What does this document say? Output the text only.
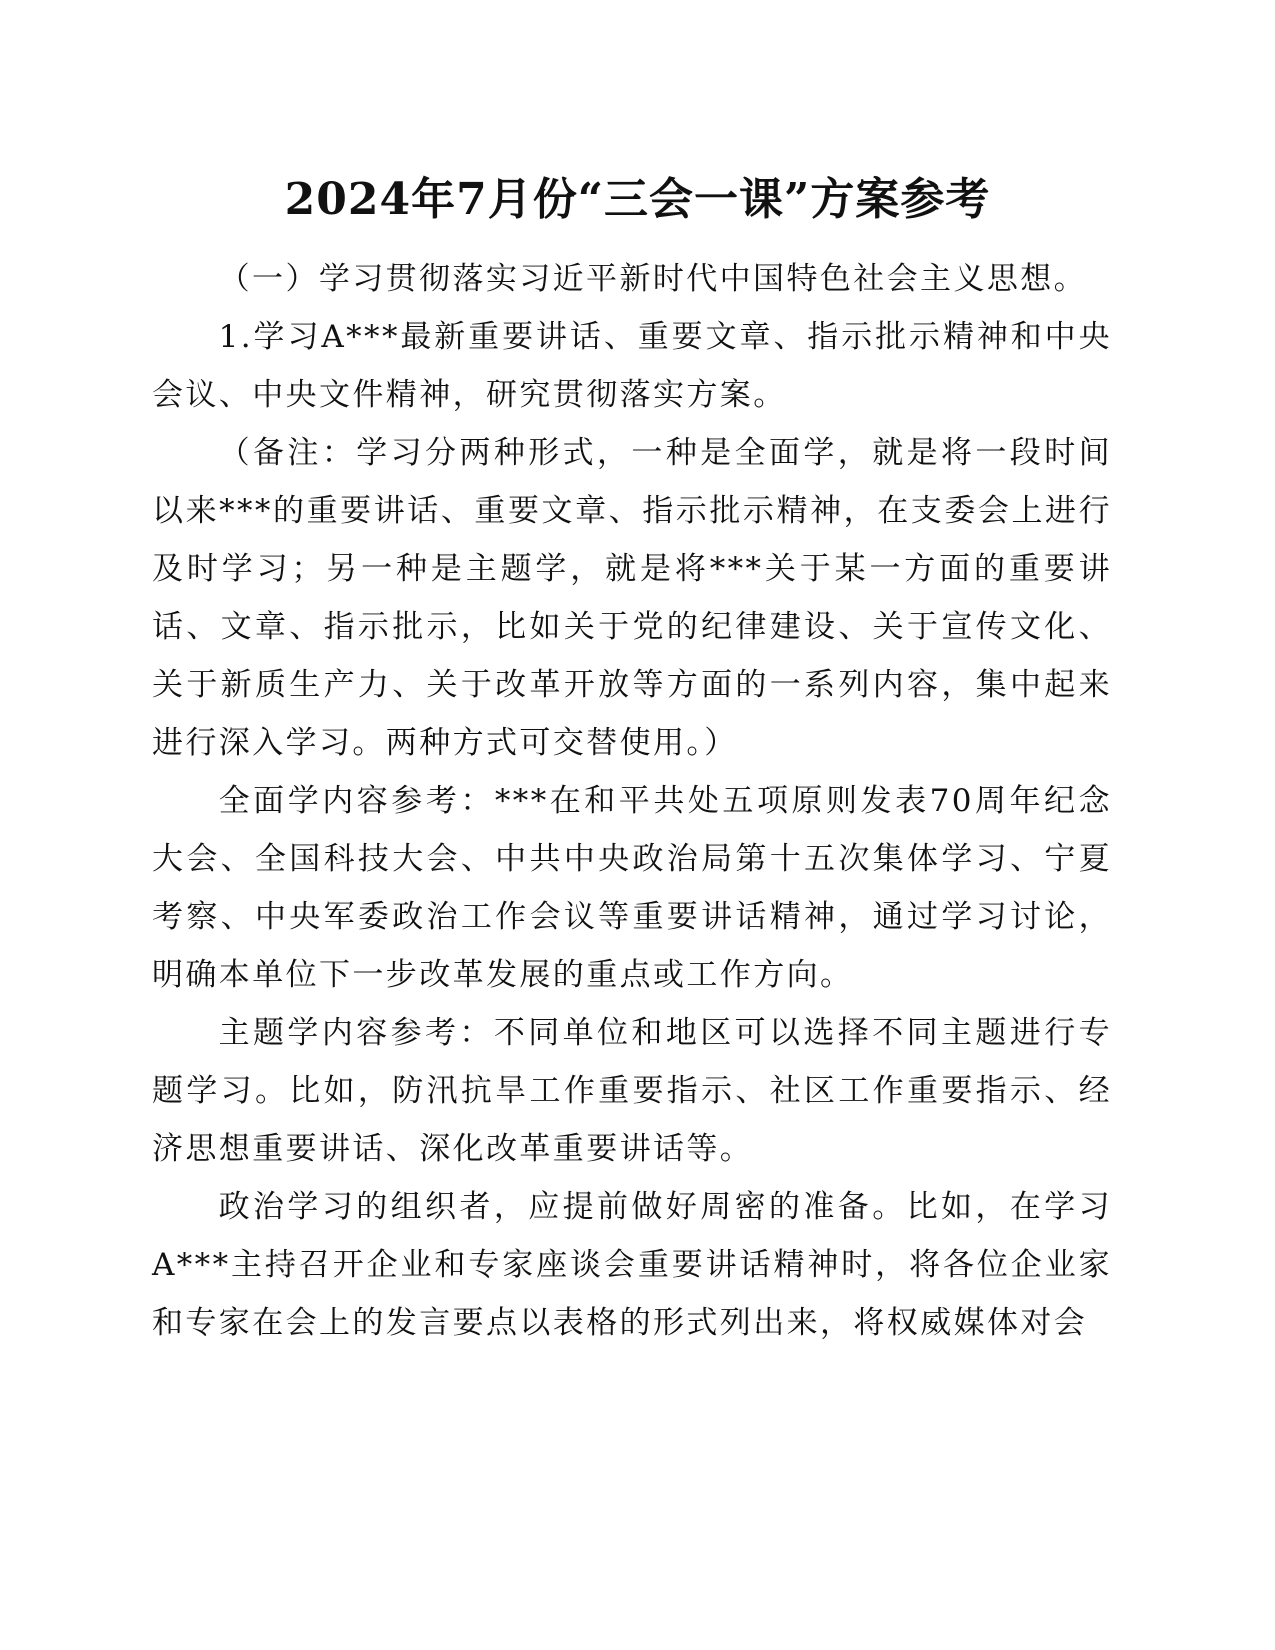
2024年7月份“三会一课”方案参考

（一）学习贯彻落实习近平新时代中国特色社会主义思想。

1.学习A***最新重要讲话、重要文章、指示批示精神和中央会议、中央文件精神，研究贯彻落实方案。

（备注：学习分两种形式，一种是全面学，就是将一段时间以来***的重要讲话、重要文章、指示批示精神，在支委会上进行及时学习；另一种是主题学，就是将***关于某一方面的重要讲话、文章、指示批示，比如关于党的纪律建设、关于宣传文化、关于新质生产力、关于改革开放等方面的一系列内容，集中起来进行深入学习。两种方式可交替使用。）

全面学内容参考：***在和平共处五项原则发表70周年纪念大会、全国科技大会、中共中央政治局第十五次集体学习、宁夏考察、中央军委政治工作会议等重要讲话精神，通过学习讨论，明确本单位下一步改革发展的重点或工作方向。

主题学内容参考：不同单位和地区可以选择不同主题进行专题学习。比如，防汛抗旱工作重要指示、社区工作重要指示、经济思想重要讲话、深化改革重要讲话等。

政治学习的组织者，应提前做好周密的准备。比如，在学习A***主持召开企业和专家座谈会重要讲话精神时，将各位企业家和专家在会上的发言要点以表格的形式列出来，将权威媒体对会
